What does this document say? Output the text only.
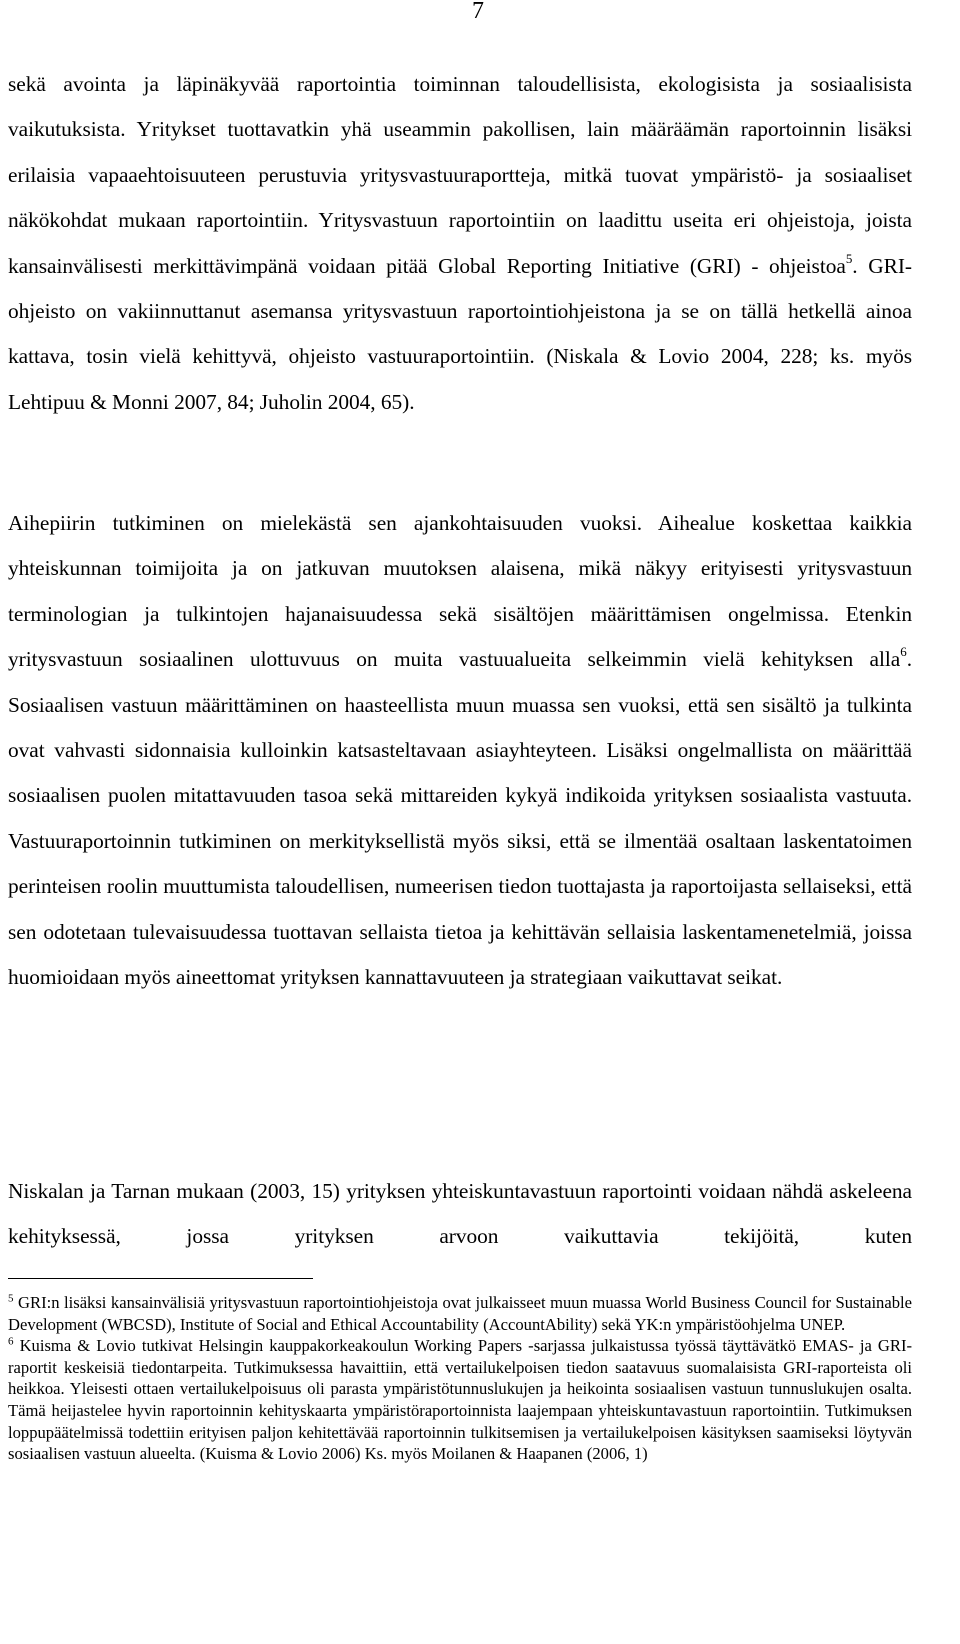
7

sekä avointa ja läpinäkyvää raportointia toiminnan taloudellisista, ekologisista ja sosiaalisista vaikutuksista. Yritykset tuottavatkin yhä useammin pakollisen, lain määräämän raportoinnin lisäksi erilaisia vapaaehtoisuuteen perustuvia yritysvastuuraportteja, mitkä tuovat ympäristö- ja sosiaaliset näkökohdat mukaan raportointiin. Yritysvastuun raportointiin on laadittu useita eri ohjeistoja, joista kansainvälisesti merkittävimpänä voidaan pitää Global Reporting Initiative (GRI) - ohjeistoa$^5$. GRI-ohjeisto on vakiinnuttanut asemansa yritysvastuun raportointiohjeistona ja se on tällä hetkellä ainoa kattava, tosin vielä kehittyvä, ohjeisto vastuuraportointiin. (Niskala & Lovio 2004, 228; ks. myös Lehtipuu & Monni 2007, 84; Juholin 2004, 65).

Aihepiirin tutkiminen on mielekästä sen ajankohtaisuuden vuoksi. Aihealue koskettaa kaikkia yhteiskunnan toimijoita ja on jatkuvan muutoksen alaisena, mikä näkyy erityisesti yritysvastuun terminologian ja tulkintojen hajanaisuudessa sekä sisältöjen määrittämisen ongelmissa. Etenkin yritysvastuun sosiaalinen ulottuvuus on muita vastuualueita selkeimmin vielä kehityksen alla$^6$. Sosiaalisen vastuun määrittäminen on haasteellista muun muassa sen vuoksi, että sen sisältö ja tulkinta ovat vahvasti sidonnaisia kulloinkin katsasteltavaan asiayhteyteen. Lisäksi ongelmallista on määrittää sosiaalisen puolen mitattavuuden tasoa sekä mittareiden kykyä indikoida yrityksen sosiaalista vastuuta. Vastuuraportoinnin tutkiminen on merkityksellistä myös siksi, että se ilmentää osaltaan laskentatoimen perinteisen roolin muuttumista taloudellisen, numeerisen tiedon tuottajasta ja raportoijasta sellaiseksi, että sen odotetaan tulevaisuudessa tuottavan sellaista tietoa ja kehittävän sellaisia laskentamenetelmiä, joissa huomioidaan myös aineettomat yrityksen kannattavuuteen ja strategiaan vaikuttavat seikat.

Niskalan ja Tarnan mukaan (2003, 15) yrityksen yhteiskuntavastuun raportointi voidaan nähdä askeleena kehityksessä, jossa yrityksen arvoon vaikuttavia tekijöitä, kuten

$^5$ GRI:n lisäksi kansainvälisiä yritysvastuun raportointiohjeistoja ovat julkaisseet muun muassa World Business Council for Sustainable Development (WBCSD), Institute of Social and Ethical Accountability (AccountAbility) sekä YK:n ympäristöohjelma UNEP.

$^6$ Kuisma & Lovio tutkivat Helsingin kauppakorkeakoulun Working Papers -sarjassa julkaistussa työssä täyttävätkö EMAS- ja GRI- raportit keskeisiä tiedontarpeita. Tutkimuksessa havaittiin, että vertailukelpoisen tiedon saatavuus suomalaisista GRI-raporteista oli heikkoa. Yleisesti ottaen vertailukelpoisuus oli parasta ympäristötunnuslukujen ja heikointa sosiaalisen vastuun tunnuslukujen osalta. Tämä heijastelee hyvin raportoinnin kehityskaarta ympäristöraportoinnista laajempaan yhteiskuntavastuun raportointiin. Tutkimuksen loppupäätelmissä todettiin erityisen paljon kehitettävää raportoinnin tulkitsemisen ja vertailukelpoisen käsityksen saamiseksi löytyvän sosiaalisen vastuun alueelta. (Kuisma & Lovio 2006) Ks. myös Moilanen & Haapanen (2006, 1)
